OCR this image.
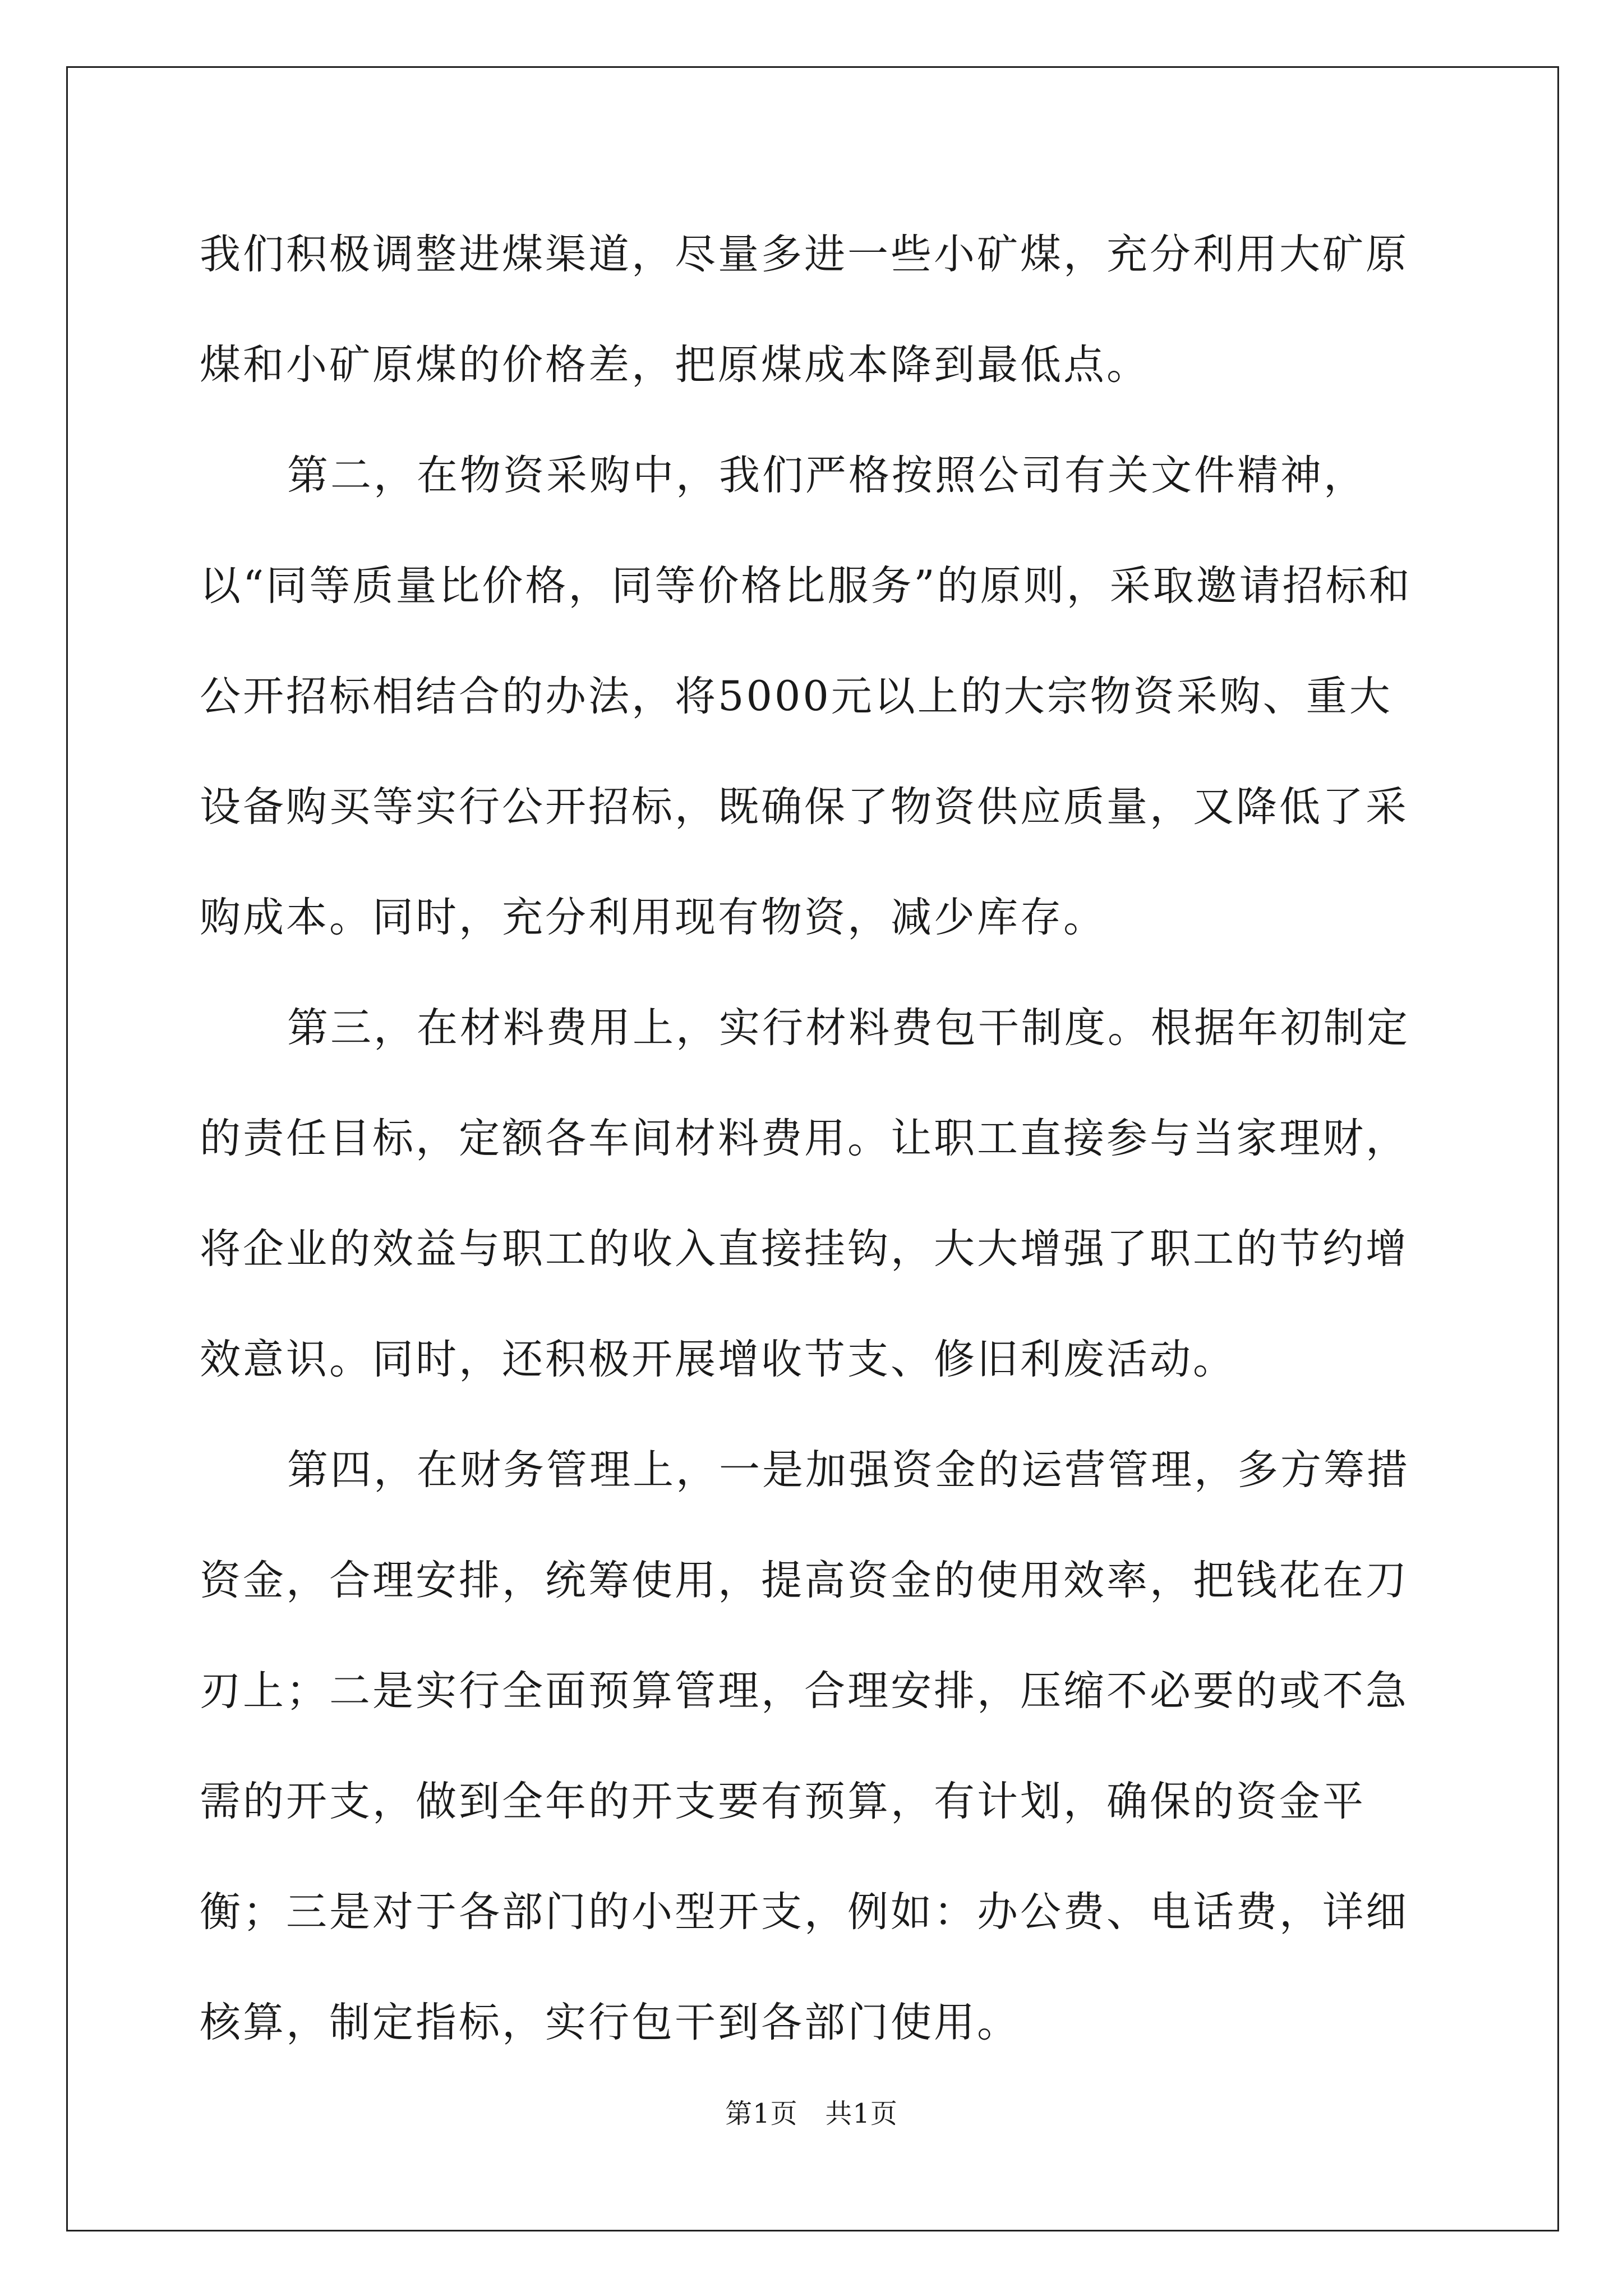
我们积极调整进煤渠道，尽量多进一些小矿煤，充分利用大矿原煤和小矿原煤的价格差，把原煤成本降到最低点。

第二，在物资采购中，我们严格按照公司有关文件精神，以“同等质量比价格，同等价格比服务”的原则，采取邀请招标和公开招标相结合的办法，将5000元以上的大宗物资采购、重大设备购买等实行公开招标，既确保了物资供应质量，又降低了采购成本。同时，充分利用现有物资，减少库存。

第三，在材料费用上，实行材料费包干制度。根据年初制定的责任目标，定额各车间材料费用。让职工直接参与当家理财，将企业的效益与职工的收入直接挂钩，大大增强了职工的节约增效意识。同时，还积极开展增收节支、修旧利废活动。

第四，在财务管理上，一是加强资金的运营管理，多方筹措资金，合理安排，统筹使用，提高资金的使用效率，把钱花在刀刃上；二是实行全面预算管理，合理安排，压缩不必要的或不急需的开支，做到全年的开支要有预算，有计划，确保的资金平衡；三是对于各部门的小型开支，例如：办公费、电话费，详细核算，制定指标，实行包干到各部门使用。

第1页   共1页
